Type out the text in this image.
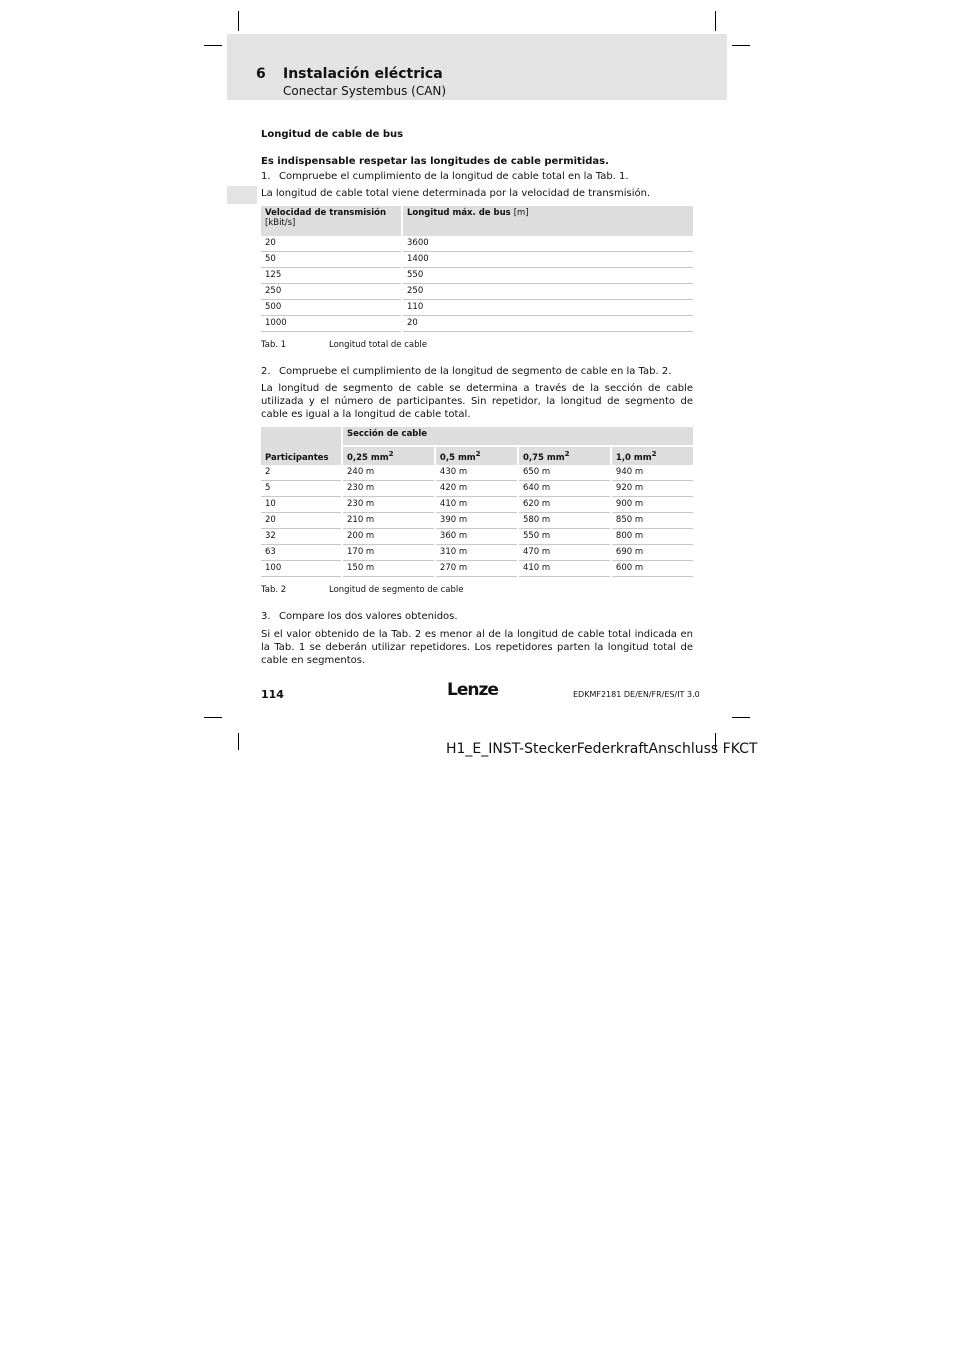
6 Instalación eléctrica
Conectar Systembus (CAN)
Longitud de cable de bus
Es indispensable respetar las longitudes de cable permitidas.
1. Compruebe el cumplimiento de la longitud de cable total en la Tab. 1.
La longitud de cable total viene determinada por la velocidad de transmisión.
Velocidad de transmisión
[kBit/s]	Longitud máx. de bus [m]
20	3600
50	1400
125	550
250	250
500	110
1000	20
Tab. 1	Longitud total de cable
2. Compruebe el cumplimiento de la longitud de segmento de cable en la Tab. 2.
La longitud de segmento de cable se determina a través de la sección de cable utilizada y el número de participantes. Sin repetidor, la longitud de segmento de cable es igual a la longitud de cable total.
Participantes	Sección de cable			
	0,25 $mm^2$	0,5 $mm^2$	0,75 $mm^2$	1,0 $mm^2$
2	240 m	430 m	650 m	940 m
5	230 m	420 m	640 m	920 m
10	230 m	410 m	620 m	900 m
20	210 m	390 m	580 m	850 m
32	200 m	360 m	550 m	800 m
63	170 m	310 m	470 m	690 m
100	150 m	270 m	410 m	600 m
Tab. 2	Longitud de segmento de cable
3. Compare los dos valores obtenidos.
Si el valor obtenido de la Tab. 2 es menor al de la longitud de cable total indicada en la Tab. 1 se deberán utilizar repetidores. Los repetidores parten la longitud total de cable en segmentos.
114	Lenze	EDKMF2181 DE/EN/FR/ES/IT 3.0
H1_E_INST-SteckerFederkraftAnschluss FKCT
